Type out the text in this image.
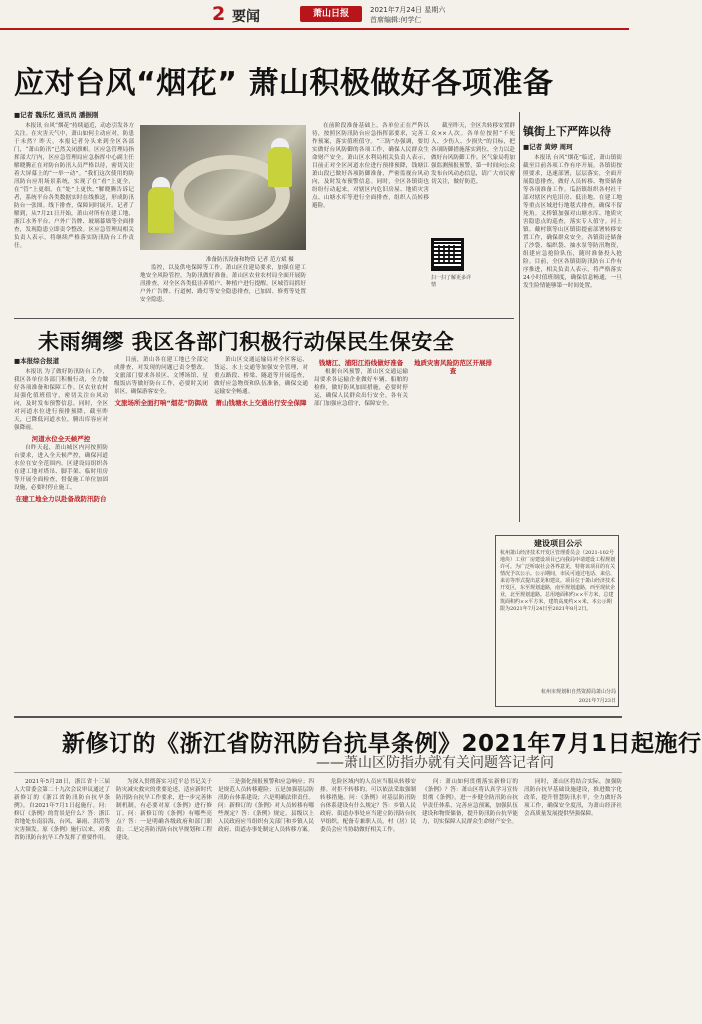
2 要闻	萧山日报	2021年7月24日 星期六
首席编辑:何学仁
应对台风“烟花” 萧山积极做好各项准备
■记者 魏乐忆 通讯员 潘振刚

本报讯 台风“烟花”持续逼近，动态引发各方关注。在灾害天气中，萧山如何主动应对，防患于未然？昨天，本报记者分头来到全区各部门，“萧山防汛”已然关闭旗帜。区应急管理局指挥部大厅内，区应急管理局应急指挥中心副主任解晓腾正在对防台防汛人员严格以待，密切关注着大屏幕上的“一举一动”。“我们这次使用的防汛防台应用场景系统，实现了在“看”上更全，在“管”上更细，在“处”上更快。”解晓腾告诉记者，系统平台各类数据实时在线推送，形成防汛防台一张图。线下排查，保障同时展开。记者了解到，从7月21日开始，萧山对所有在建工地、浙江水务平台、户外广告牌、玻璃幕墙等全面排查，发现隐患立即责令整改。区应急管理局相关负责人表示，将继续严格落实防汛防台工作责任。

准备防汛设备和物资 记者 范方斌 摄

监控，以及供电保障等工作。萧山区住建局要求，加强在建工地安全风险管控，为防汛做好准备。萧山区农业农村局全面开展防汛排查，对全区各类低洼养殖户、种植户进行提醒。区城管局抓好户外广告牌、行道树、路灯等安全隐患排查，已加固、修剪等处置安全隐患。

在前阶段准备基础上，各单位正在严阵以待，按照区防汛防台应急指挥部要求，完善工作预案，落实值班值守。“三防”办强调，要切实做好台风防御的各项工作，确保人民群众生命财产安全。萧山区水利局相关负责人表示，目前正对全区河道水位进行预排预降，钱塘江萧山段已做好各项防御准备，严密监视台风动向，及时发布预警信息。同时，全区各镇街也纷纷行动起来，对辖区内危旧房屋、地质灾害点、山塘水库等进行全面排查，组织人员转移避险。

截至昨天，全区共转移安置群众××人次。各单位按照“不死人、少伤人、少损失”的目标，把各项防御措施落实到位，全力以赴做好台风防御工作。区气象局将加强监测预报预警，第一时间向公众发布台风动态信息，请广大市民密切关注，做好防范。

扫一扫了解更多详情
镇街上下严阵以待
■记者 黄婷 周珂

本报讯 台风“烟花”临近，萧山镇街截至目前各项工作有序开展。各镇街按照要求，迅速部署，层层落实，全面开展隐患排查，做好人员转移、物资储备等各项准备工作。瓜沥镇组织各村社干部对辖区内危旧房、低洼地、在建工地等重点区域进行地毯式排查，确保不留死角。义桥镇加强对山塘水库、地质灾害隐患点的巡查，落实专人值守。河上镇、戴村镇等山区镇街提前部署转移安置工作，确保群众安全。各镇街还储备了沙袋、编织袋、抽水泵等防汛物资，组建应急抢险队伍，随时准备投入抢险。目前，全区各镇街防汛防台工作有序推进，相关负责人表示，将严格落实24小时值班制度，确保信息畅通，一旦发生险情能够第一时间处置。

未雨绸缪 我区各部门积极行动保民生保安全
■本报综合报道

本报讯 为了做好防汛防台工作，我区各单位各部门积极行动，全力做好各项准备和保障工作。区农业农村局强化值班值守，密切关注台风动向，及时发布预警信息。同时，全区对河道水位进行预排预降，截至昨天，已降低河道水位，腾出库容应对强降雨。

河道水位全天候严控

自昨天起，萧山城区内河按照防台要求，进入全天候严控，确保河道水位在安全范围内。区建设局组织各在建工地对塔吊、脚手架、临时用房等开展全面检查，督促施工单位加固设施，必要时停止施工。

在建工地全力以赴备战防汛防台

目前，萧山各在建工地已全部完成排查，对发现的问题已责令整改。文旅部门要求各景区、文博场馆、星级饭店等做好防台工作，必要时关闭景区，确保游客安全。

文旅场所全面打响“烟花”防御战

萧山区交通运输局对全区客运、货运、水上交通等加强安全管理，对重点路段、桥梁、隧道等开展巡查，做好应急物资和队伍准备，确保交通运输安全畅通。

萧山钱塘水上交通出行安全保障

钱塘江、浦阳江沿线做好准备

根据台风预警，萧山区交通运输局要求各运输企业做好车辆、船舶的检修，做好防风加固措施，必要时停运，确保人民群众出行安全。各有关部门加强应急值守，保障安全。

地质灾害风险防范区开展排查

建设项目公示
杭州萧山经济技术开发区管理委员会（2021-102号地块）工业厂房建设项目已向我局申请建设工程规划许可。为广泛听取社会各界意见，特将该项目的有关情况予以公示。公示期间，市民可通过电话、来信、来访等形式提出意见和建议。项目位于萧山经济技术开发区，东至规划道路，南至规划道路，西至现状企业，北至规划道路。总用地面积约××平方米，总建筑面积约××平方米，建筑高度约××米。本公示期限为2021年7月24日至2021年8月2日。
杭州市规划和自然资源局萧山分局
2021年7月23日
新修订的《浙江省防汛防台抗旱条例》2021年7月1日起施行
——萧山区防指办就有关问题答记者问

2021年5月28日，浙江省十三届人大常委会第二十九次会议审议通过了新修订的《浙江省防汛防台抗旱条例》，自2021年7月1日起施行。问：修订《条例》的背景是什么？答：浙江省地处东南沿海，台风、暴雨、洪涝等灾害频发。原《条例》施行以来，对我省防汛防台抗旱工作发挥了重要作用。

为深入贯彻落实习近平总书记关于防灾减灾救灾的重要论述，适应新时代防汛防台抗旱工作要求，进一步完善体制机制，有必要对原《条例》进行修订。问：新修订的《条例》有哪些亮点？答：一是明确各级政府和部门职责；二是完善防汛防台抗旱规划和工程建设。

三是强化预报预警和应急响应；四是规范人员转移避险；五是加强基层防汛防台体系建设；六是明确法律责任。问：新修订的《条例》对人员转移有哪些规定？答：《条例》规定，县级以上人民政府应当组织有关部门和乡镇人民政府、街道办事处制定人员转移方案。

危险区域内的人员应当服从转移安排。对拒不转移的，可以依法采取强制转移措施。问：《条例》对基层防汛防台体系建设有什么规定？答：乡镇人民政府、街道办事处应当建立防汛防台抗旱组织，配备专兼职人员，村（居）民委员会应当协助做好相关工作。

问：萧山如何贯彻落实新修订的《条例》？答：萧山区将认真学习宣传贯彻《条例》，进一步健全防汛防台抗旱责任体系，完善应急预案，加强队伍建设和物资储备，提升防汛防台抗旱能力，切实保障人民群众生命财产安全。

同时，萧山区将结合实际，加强防汛防台抗旱基础设施建设，推进数字化改革，提升智慧防汛水平，全力做好各项工作，确保安全度汛，为萧山经济社会高质量发展提供坚强保障。
